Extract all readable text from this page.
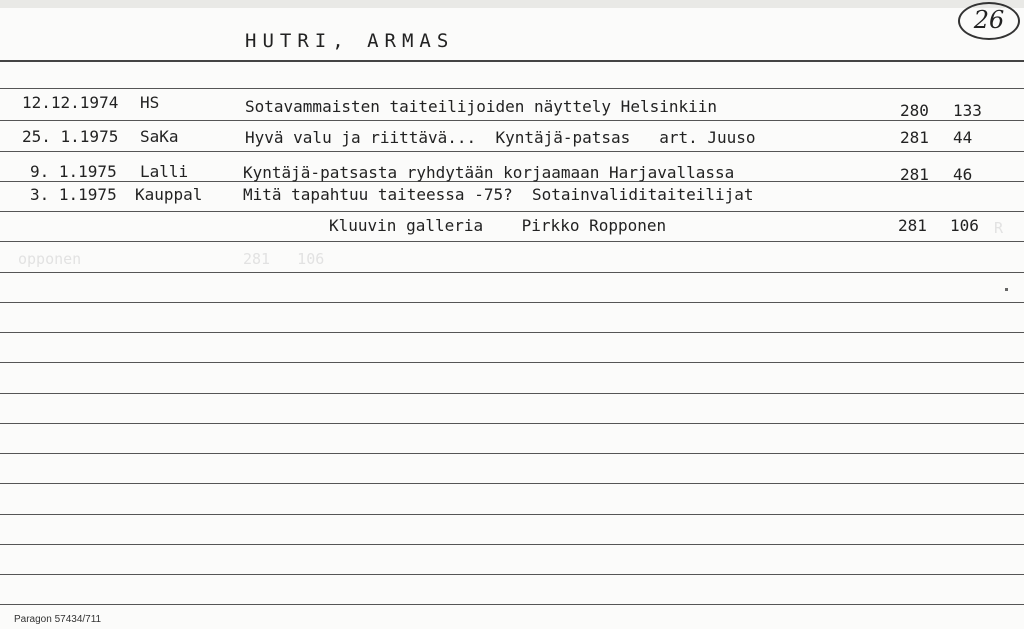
HUTRI, ARMAS
26
12.12.1974 HS	Sotavammaisten taiteilijoiden näyttely Helsinkiin	280 133
25. 1.1975 SaKa	Hyvä valu ja riittävä...  Kyntäjä-patsas   art. Juuso	281 44
9. 1.1975 Lalli	Kyntäjä-patsasta ryhdytään korjaamaan Harjavallassa	281 46
3. 1.1975 Kauppal	Mitä tapahtuu taiteessa -75?  Sotainvaliditaiteilijat
Kluuvin galleria    Pirkko Ropponen	281 106
opponen	281   106
R
Paragon 57434/711
